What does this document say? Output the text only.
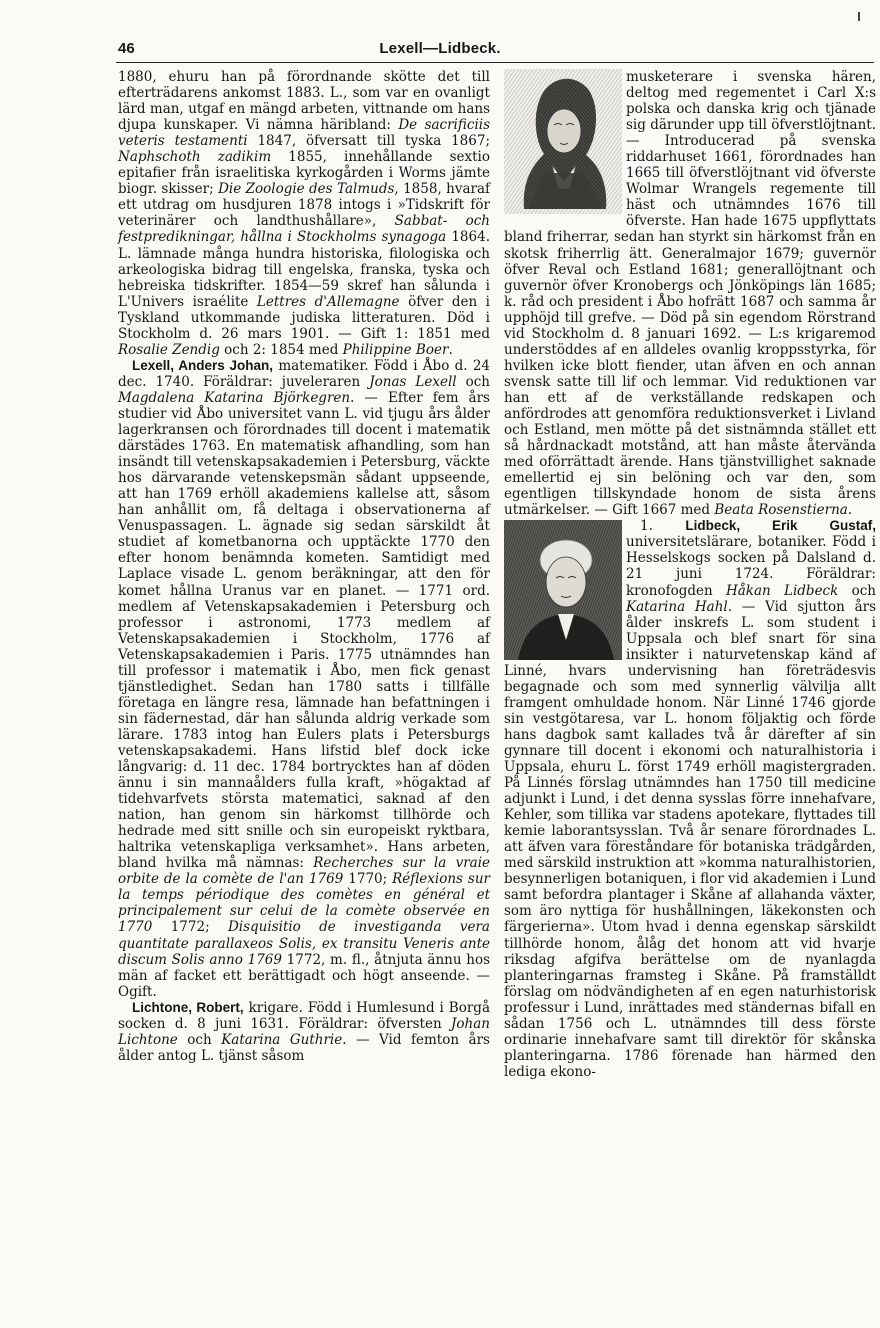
46	Lexell—Lidbeck.

1880, ehuru han på förordnande skötte det till efterträdarens ankomst 1883. L., som var en ovanligt lärd man, utgaf en mängd arbeten, vittnande om hans djupa kunskaper. Vi nämna häribland: De sacrificiis veteris testamenti 1847, öfversatt till tyska 1867; Naphschoth zadikim 1855, innehållande sextio epitafier från israelitiska kyrkogården i Worms jämte biogr. skisser; Die Zoologie des Talmuds, 1858, hvaraf ett utdrag om husdjuren 1878 intogs i »Tidskrift för veterinärer och landthushållare», Sabbat- och festpredikningar, hållna i Stockholms synagoga 1864. L. lämnade många hundra historiska, filologiska och arkeologiska bidrag till engelska, franska, tyska och hebreiska tidskrifter. 1854—59 skref han sålunda i L'Univers israélite Lettres d'Allemagne öfver den i Tyskland utkommande judiska litteraturen. Död i Stockholm d. 26 mars 1901. — Gift 1: 1851 med Rosalie Zendig och 2: 1854 med Philippine Boer.

Lexell, Anders Johan, matematiker. Född i Åbo d. 24 dec. 1740. Föräldrar: juveleraren Jonas Lexell och Magdalena Katarina Björkegren. — Efter fem års studier vid Åbo universitet vann L. vid tjugu års ålder lagerkransen och förordnades till docent i matematik därstädes 1763. En matematisk afhandling, som han insändt till vetenskapsakademien i Petersburg, väckte hos därvarande vetenskepsmän sådant uppseende, att han 1769 erhöll akademiens kallelse att, såsom han anhållit om, få deltaga i observationerna af Venuspassagen. L. ägnade sig sedan särskildt åt studiet af kometbanorna och upptäckte 1770 den efter honom benämnda kometen. Samtidigt med Laplace visade L. genom beräkningar, att den för komet hållna Uranus var en planet. — 1771 ord. medlem af Vetenskapsakademien i Petersburg och professor i astronomi, 1773 medlem af Vetenskapsakademien i Stockholm, 1776 af Vetenskapsakademien i Paris. 1775 utnämndes han till professor i matematik i Åbo, men fick genast tjänstledighet. Sedan han 1780 satts i tillfälle företaga en längre resa, lämnade han befattningen i sin fädernestad, där han sålunda aldrig verkade som lärare. 1783 intog han Eulers plats i Petersburgs vetenskapsakademi. Hans lifstid blef dock icke långvarig: d. 11 dec. 1784 bortrycktes han af döden ännu i sin mannaålders fulla kraft, »högaktad af tidehvarfvets största matematici, saknad af den nation, han genom sin härkomst tillhörde och hedrade med sitt snille och sin europeiskt ryktbara, haltrika vetenskapliga verksamhet». Hans arbeten, bland hvilka må nämnas: Recherches sur la vraie orbite de la comète de l'an 1769 1770; Réflexions sur la temps périodique des comètes en général et principalement sur celui de la comète observée en 1770 1772; Disquisitio de investiganda vera quantitate parallaxeos Solis, ex transitu Veneris ante discum Solis anno 1769 1772, m. fl., åtnjuta ännu hos män af facket ett berättigadt och högt anseende. — Ogift.

Lichtone, Robert, krigare. Född i Humlesund i Borgå socken d. 8 juni 1631. Föräldrar: öfversten Johan Lichtone och Katarina Guthrie. — Vid femton års ålder antog L. tjänst såsom

musketerare i svenska hären, deltog med regementet i Carl X:s polska och danska krig och tjänade sig därunder upp till öfverstlöjtnant. — Introducerad på svenska riddarhuset 1661, förordnades han 1665 till öfverstlöjtnant vid öfverste Wolmar Wrangels regemente till häst och utnämndes 1676 till öfverste. Han hade 1675 uppflyttats bland friherrar, sedan han styrkt sin härkomst från en skotsk friherrlig ätt. Generalmajor 1679; guvernör öfver Reval och Estland 1681; generallöjtnant och guvernör öfver Kronobergs och Jönköpings län 1685; k. råd och president i Åbo hofrätt 1687 och samma år upphöjd till grefve. — Död på sin egendom Rörstrand vid Stockholm d. 8 januari 1692. — L:s krigaremod understöddes af en alldeles ovanlig kroppsstyrka, för hvilken icke blott fiender, utan äfven en och annan svensk satte till lif och lemmar. Vid reduktionen var han ett af de verkställande redskapen och anfördrodes att genomföra reduktionsverket i Livland och Estland, men mötte på det sistnämnda stället ett så hårdnackadt motstånd, att han måste återvända med oförrättadt ärende. Hans tjänstvillighet saknade emellertid ej sin belöning och var den, som egentligen tillskyndade honom de sista årens utmärkelser. — Gift 1667 med Beata Rosenstierna.
1. Lidbeck, Erik Gustaf, universitetslärare, botaniker. Född i Hesselskogs socken på Dalsland d. 21 juni 1724. Föräldrar: kronofogden Håkan Lidbeck och Katarina Hahl. — Vid sjutton års ålder inskrefs L. som student i Uppsala och blef snart för sina insikter i naturvetenskap känd af Linné, hvars undervisning han företrädesvis begagnade och som med synnerlig välvilja allt framgent omhuldade honom. När Linné 1746 gjorde sin vestgötaresa, var L. honom följaktig och förde hans dagbok samt kallades två år därefter af sin gynnare till docent i ekonomi och naturalhistoria i Uppsala, ehuru L. först 1749 erhöll magistergraden. På Linnés förslag utnämndes han 1750 till medicine adjunkt i Lund, i det denna sysslas förre innehafvare, Kehler, som tillika var stadens apotekare, flyttades till kemie laborantsysslan. Två år senare förordnades L. att äfven vara föreståndare för botaniska trädgården, med särskild instruktion att »komma naturalhistorien, besynnerligen botaniquen, i flor vid akademien i Lund samt befordra plantager i Skåne af allahanda växter, som äro nyttiga för hushållningen, läkekonsten och färgerierna». Utom hvad i denna egenskap särskildt tillhörde honom, ålåg det honom att vid hvarje riksdag afgifva berättelse om de nyanlagda planteringarnas framsteg i Skåne. På framställdt förslag om nödvändigheten af en egen naturhistorisk professur i Lund, inrättades med ständernas bifall en sådan 1756 och L. utnämndes till dess förste ordinarie innehafvare samt till direktör för skånska planteringarna. 1786 förenade han härmed den lediga ekono-
